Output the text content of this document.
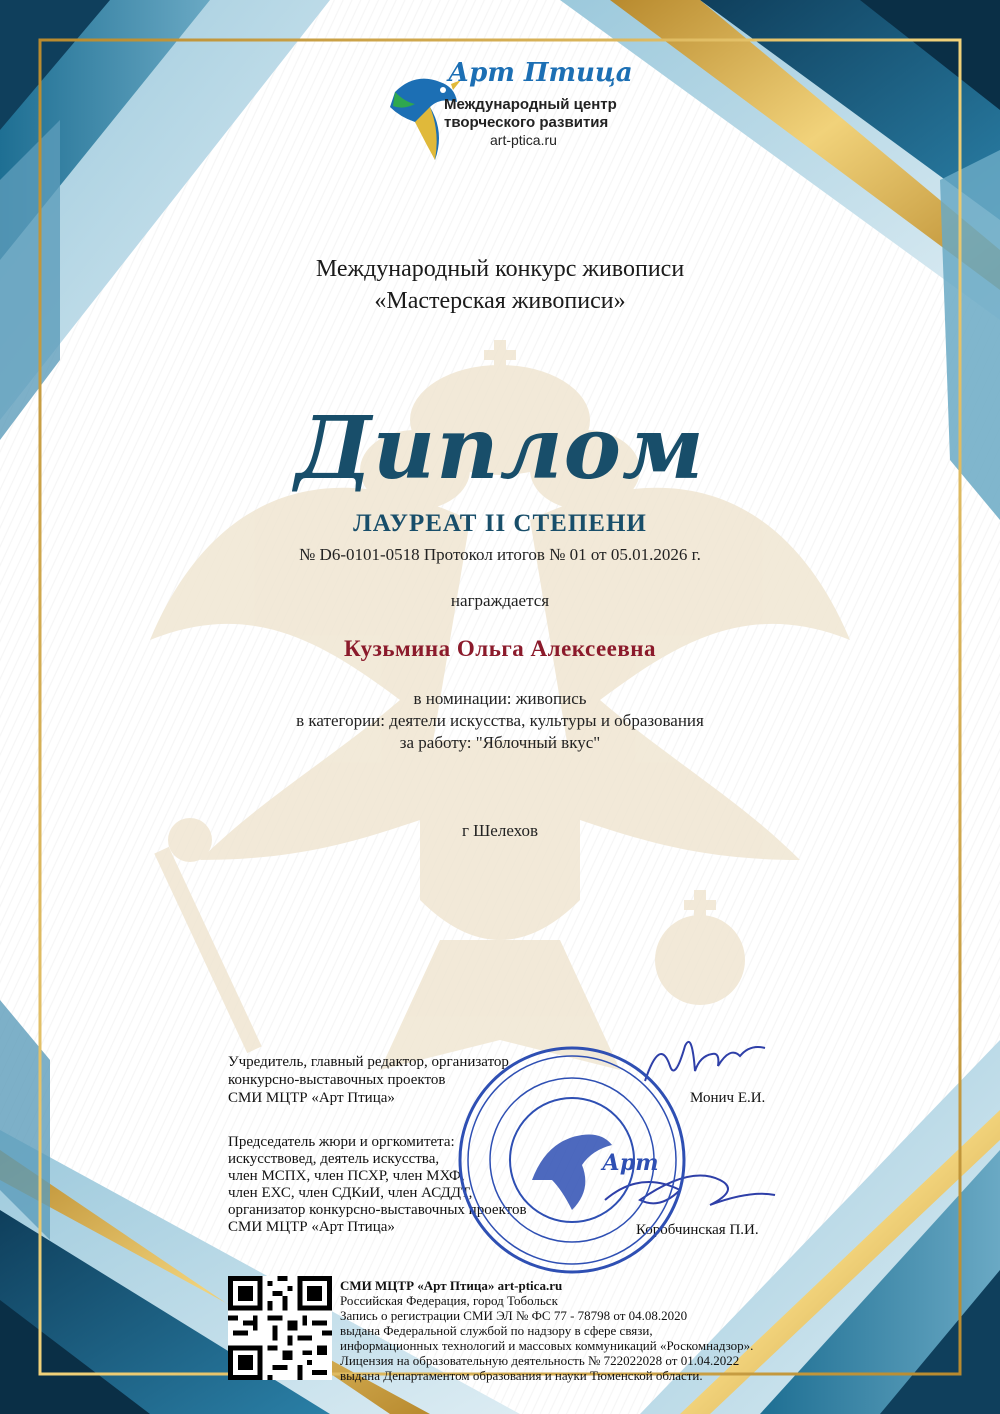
Арт Птица
Международный центр
творческого развития
art-ptica.ru
Международный конкурс живописи
«Мастерская живописи»
Диплом
ЛАУРЕАТ II СТЕПЕНИ
№ D6-0101-0518 Протокол итогов № 01 от 05.01.2026 г.
награждается
Кузьмина Ольга Алексеевна
в номинации: живопись
в категории: деятели искусства, культуры и образования
за работу: "Яблочный вкус"
г Шелехов
Учредитель, главный редактор, организатор
конкурсно-выставочных проектов
СМИ МЦТР «Арт Птица»	Монич Е.И.
Председатель жюри и оргкомитета:
искусствовед, деятель искусства,
член МСПХ, член ПСХР, член МХФ,
член ЕХС, член СДКиИ, член АСДДТ,
организатор конкурсно-выставочных проектов
СМИ МЦТР «Арт Птица»	Коробчинская П.И.
Арт
СМИ МЦТР «Арт Птица» art-ptica.ru
Российская Федерация, город Тобольск
Запись о регистрации СМИ ЭЛ № ФС 77 - 78798 от 04.08.2020
выдана Федеральной службой по надзору в сфере связи,
информационных технологий и массовых коммуникаций «Роскомнадзор».
Лицензия на образовательную деятельность № 722022028 от 01.04.2022
выдана Департаментом образования и науки Тюменской области.
